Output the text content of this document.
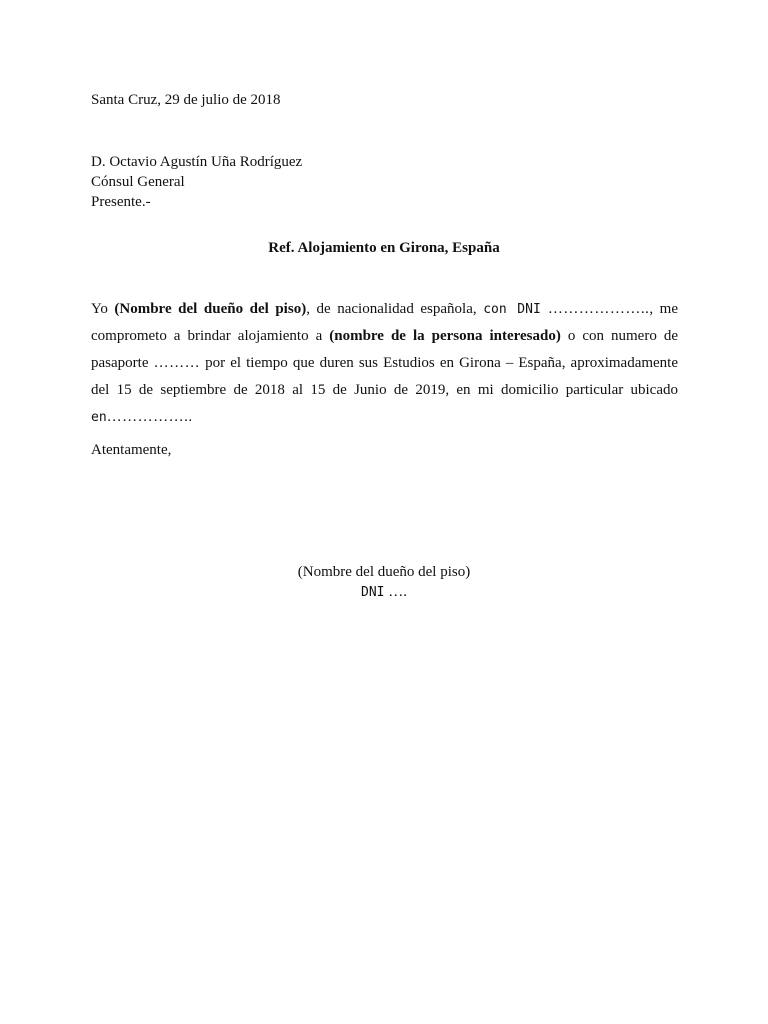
Santa Cruz, 29 de julio de 2018
D. Octavio Agustín Uña Rodríguez
Cónsul General
Presente.-
Ref. Alojamiento en Girona, España
Yo (Nombre del dueño del piso), de nacionalidad española, con DNI ……………….., me comprometo a brindar alojamiento a (nombre de la persona interesado) o con numero de pasaporte ……… por el tiempo que duren sus Estudios en Girona – España, aproximadamente del 15 de septiembre de 2018 al 15 de Junio de 2019, en mi domicilio particular ubicado en……………..
Atentamente,
(Nombre del dueño del piso)
DNI ….
